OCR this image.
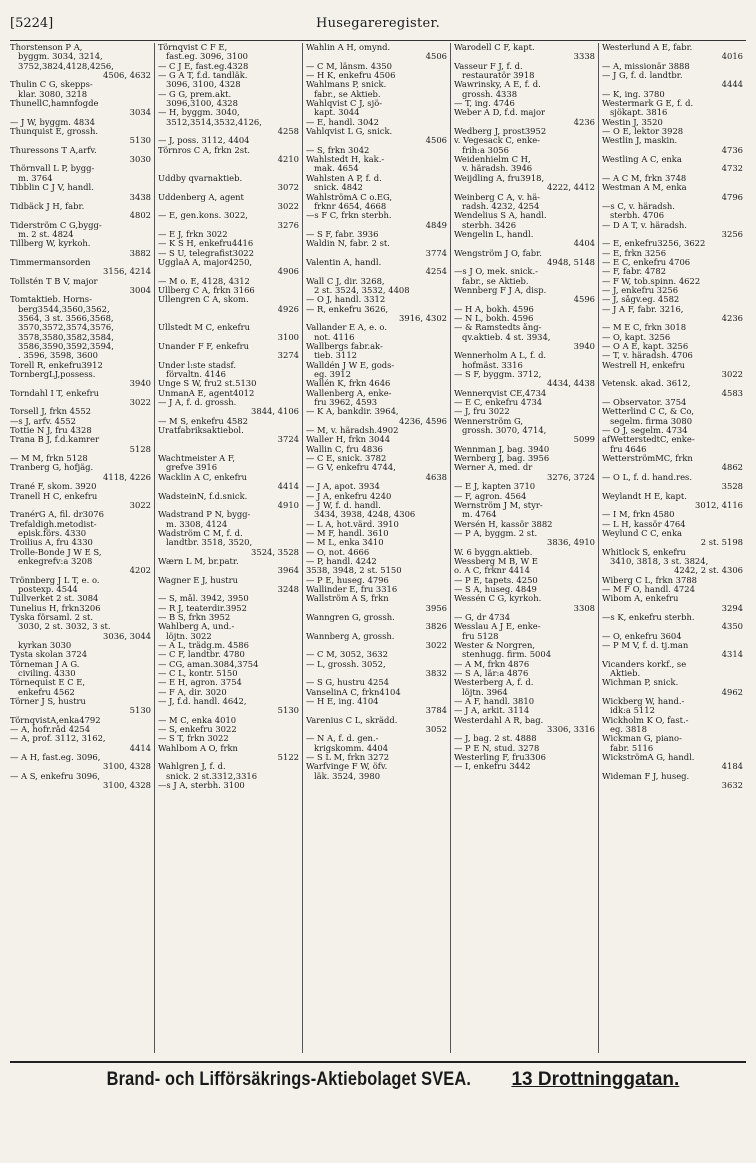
[5224]	Husegareregister.
Thorstenson P A,
byggm. 3034, 3214,
3752,3824,4128,4256,
4506, 4632
Thulin C G, skepps-
klar. 3080, 3218
ThunellC,hamnfogde
3034
— J W, byggm. 4834
Thunquist E, grossh.
5130
Thuressons T A,arfv.
3030
Thörnvall L P, bygg-
m. 3764
Tibblin C J V, handl.
3438
Tidbäck J H, fabr.
4802
Tiderström C G,bygg-
m. 2 st. 4824
Tillberg W, kyrkoh.
3882
Timmermansorden
3156, 4214
Tollstén T B V, major
3004
Tomtaktieb. Horns-
berg3544,3560,3562,
3564, 3 st. 3566,3568,
3570,3572,3574,3576,
3578,3580,3582,3584,
3586,3590,3592,3594,
. 3596, 3598, 3600
Torell R, enkefru3912
TornbergLJ,possess.
3940
Torndahl I T, enkefru
3022
Torsell J, frkn 4552
—s J, arfv. 4552
Tottie N J, fru 4328
Trana B J, f.d.kamrer
5128
— M M, frkn 5128
Tranberg G, hofjäg.
4118, 4226
Trané F, skom. 3920
Tranell H C, enkefru
3022
TranérG A, fil. dr3076
Trefaldigh.metodist-
episk.förs. 4330
Troilius A, fru 4330
Trolle-Bonde J W E S,
enkegrefv:a 3208
4202
Trönnberg J L T, e. o.
postexp. 4544
Tullverket 2 st. 3084
Tunelius H, frkn3206
Tyska församl. 2 st.
3030, 2 st. 3032, 3 st.
3036, 3044
kyrkan 3030
Tysta skolan 3724
Törneman J A G.
civiling. 4330
Törnequist E C E,
enkefru 4562
Törner J S, hustru
5130
TörnqvistA,enka4792
— A, hofr.råd 4254
— A, prof. 3112, 3162,
4414
— A H, fast.eg. 3096,
3100, 4328
— A S, enkefru 3096,
3100, 4328
Törnqvist C F E,
fast.eg. 3096, 3100
— C J E, fast.eg.4328
— G A T, f.d. tandläk.
3096, 3100, 4328
— G G, prem.akt.
3096,3100, 4328
— H, byggm. 3040,
3512,3514,3532,4126,
4258
— J, poss. 3112, 4404
Törnros C A, frkn 2st.
4210

Uddby qvarnaktieb.
3072
Uddenberg A, agent
3022
— E, gen.kons. 3022,
3276
— E J, frkn 3022
— K S H, enkefru4416
— S U, telegrafist3022
UgglaA A, major4250,
4906
— M o. E, 4128, 4312
Ullberg C A, frkn 3166
Ullengren C A, skom.
4926

Ullstedt M C, enkefru
3100
Unander F F, enkefru
3274
Under l:ste stadsf.
förvaltn. 4146
Unge S W, fru2 st.5130
UnmanA E, agent4012
— J A, f. d. grossh.
3844, 4106
— M S, enkefru 4582
Uratfabriksaktiebol.
3724

Wachtmeister A F,
grefve 3916
Wacklin A C, enkefru
4414
WadsteinN, f.d.snick.
4910
Wadstrand P N, bygg-
m. 3308, 4124
Wadström C M, f. d.
landtbr. 3518, 3520,
3524, 3528
Wærn L M, br.patr.
3964
Wagner E J, hustru
3248
— S, mål. 3942, 3950
— R J, teaterdir.3952
— B S, frkn 3952
Wahlberg A, und.-
löjtn. 3022
— A L, trädg.m. 4586
— C F, landtbr. 4780
— CG, aman.3084,3754
— C L, kontr. 5150
— E H, agron. 3754
— F A, dir. 3020
— J, f.d. handl. 4642,
5130
— M C, enka 4010
— S, enkefru 3022
— S T, frkn 3022
Wahlbom A O, frkn
5122
Wahlgren J, f. d.
snick. 2 st.3312,3316
—s J A, sterbh. 3100
Wahlin A H, omynd.
4506
— C M, länsm. 4350
— H K, enkefru 4506
Wahlmans P, snick.
fabr., se Aktieb.
Wahlqvist C J, sjö-
kapt. 3044
— E, handl. 3042
Vahlqvist L G, snick.
4506
— S, frkn 3042
Wahlstedt H, kak.-
mak. 4654
Wahlsten A P, f. d.
snick. 4842
WahlströmA C o.EG,
frknr 4654, 4668
—s F C, frkn sterbh.
4849
— S F, fabr. 3936
Waldin N, fabr. 2 st.
3774
Valentin A, handl.
4254
Wall C J, dir. 3268,
2 st. 3524, 3532, 4408
— O J, handl. 3312
— R, enkefru 3626,
3916, 4302
Vallander E A, e. o.
not. 4116
Wallbergs fabr.ak-
tieb. 3112
Walldén J W E, gods-
eg. 3912
Wallén K, frkn 4646
Wallenberg A, enke-
fru 3962, 4593
— K A, bankdir. 3964,
4236, 4596
— M, v. häradsh.4902
Waller H, frkn 3044
Wallin C, fru 4836
— C E, snick. 3782
— G V, enkefru 4744,
4638
— J A, apot. 3934
— J A, enkefru 4240
— J W, f. d. handl.
3434, 3938, 4248, 4306
— L A, hot.värd. 3910
— M F, handl. 3610
— M L, enka 3410
— O, not. 4666
— P, handl. 4242
3538, 3948, 2 st. 5150
— P E, huseg. 4796
Wallinder E, fru 3316
Wallström A S, frkn
3956
Wanngren G, grossh.
3826
Wannberg A, grossh.
3022
— C M, 3052, 3632
— L, grossh. 3052,
3832
— S G, hustru 4254
VanselinA C, frkn4104
— H E, ing. 4104
3784
Varenius C L, skrädd.
3052
— N A, f. d. gen.-
krigskomm. 4404
— S L M, frkn 3272
Warfvinge F W, öfv.
läk. 3524, 3980
Warodell C F, kapt.
3338
Vasseur F J, f. d.
restauratör 3918
Wawrinsky, A E, f. d.
grossh. 4338
— T, ing. 4746
Weber A D, f.d. major
4236
Wedberg J, prost3952
v. Vegesack C, enke-
frih:a 3056
Weidenhielm C H,
v. häradsh. 3946
Weijdling A, fru3918,
4222, 4412
Weinberg C A, v. hä-
radsh. 4232, 4254
Wendelius S A, handl.
sterbh. 3426
Wengelin L, handl.
4404
Wengström J O, fabr.
4948, 5148
—s J O, mek. snick.-
fabr., se Aktieb.
Wennberg F J A, disp.
4596
— H A, bokh. 4596
— N L, bokh. 4596
— & Ramstedts ång-
qv.aktieb. 4 st. 3934,
3940
Wennerholm A L, f. d.
hofmäst. 3316
— S F, byggm. 3712,
4434, 4438
Wennerqvist CE,4734
— E C, enkefru 4734
— J, fru 3022
Wennerström G,
grossh. 3070, 4714,
5099
Wennman J, bag. 3940
Wernberg J, bag. 3956
Werner A, med. dr
3276, 3724
— E J, kapten 3710
— F, agron. 4564
Wernström J M, styr-
m. 4764
Wersén H, kassör 3882
— P A, byggm. 2 st.
3836, 4910
W. 6 byggn.aktieb.
Wessberg M B, W E
o. A C, frknr 4414
— P E, tapets. 4250
— S A, huseg. 4849
Wessén C G, kyrkoh.
3308
— G, dr 4734
Wesslau A J E, enke-
fru 5128
Wester & Norgren,
stenhugg. firm. 5004
— A M, frkn 4876
— S A, lär:a 4876
Westerberg A, f. d.
löjtn. 3964
— A F, handl. 3810
— J A, arkit. 3114
Westerdahl A R, bag.
3306, 3316
— J, bag. 2 st. 4888
— P E N, stud. 3278
Westerling F, fru3306
— I, enkefru 3442
Westerlund A E, fabr.
4016
— A, missionär 3888
— J G, f. d. landtbr.
4444
— K, ing. 3780
Westermark G E, f. d.
sjökapt. 3816
Westin J, 3520
— O E, lektor 3928
Westlin J, maskin.
4736
Westling A C, enka
4732
— A C M, frkn 3748
Westman A M, enka
4796
—s C, v. häradsh.
sterbh. 4706
— D A T, v. häradsh.
3256
— E, enkefru3256, 3622
— E, frkn 3256
— E C, enkefru 4706
— F, fabr. 4782
— F W, tob.spinn. 4622
— J, enkefru 3256
— J, sågv.eg. 4582
— J A F, fabr. 3216,
4236
— M E C, frkn 3018
— O, kapt. 3256
— O A E, kapt. 3256
— T, v. häradsh. 4706
Westrell H, enkefru
3022
Vetensk. akad. 3612,
4583
— Observator. 3754
Wetterlind C C, & Co,
segelm. firma 3080
— O J, segelm. 4734
afWetterstedtC, enke-
fru 4646
WetterströmMC, frkn
4862
— O L, f. d. hand.res.
3528
Weylandt H E, kapt.
3012, 4116
— I M, frkn 4580
— L H, kassör 4764
Weylund C C, enka
2 st. 5198
Whitlock S, enkefru
3410, 3818, 3 st. 3824,
4242, 2 st. 4306
Wiberg C L, frkn 3788
— M F O, handl. 4724
Wibom A, enkefru
3294
—s K, enkefru sterbh.
4350
— O, enkefru 3604
— P M V, f. d. tj.man
4314
Vicanders korkf., se
Aktieb.
Wichman P, snick.
4962
Wickberg W, hand.-
idk:a 5112
Wickholm K O, fast.-
eg. 3818
Wickman G, piano-
fabr. 5116
WickströmA G, handl.
4184
Wideman F J, huseg.
3632
Brand- och Lifförsäkrings-Aktiebolaget SVEA. 13 Drottninggatan.
